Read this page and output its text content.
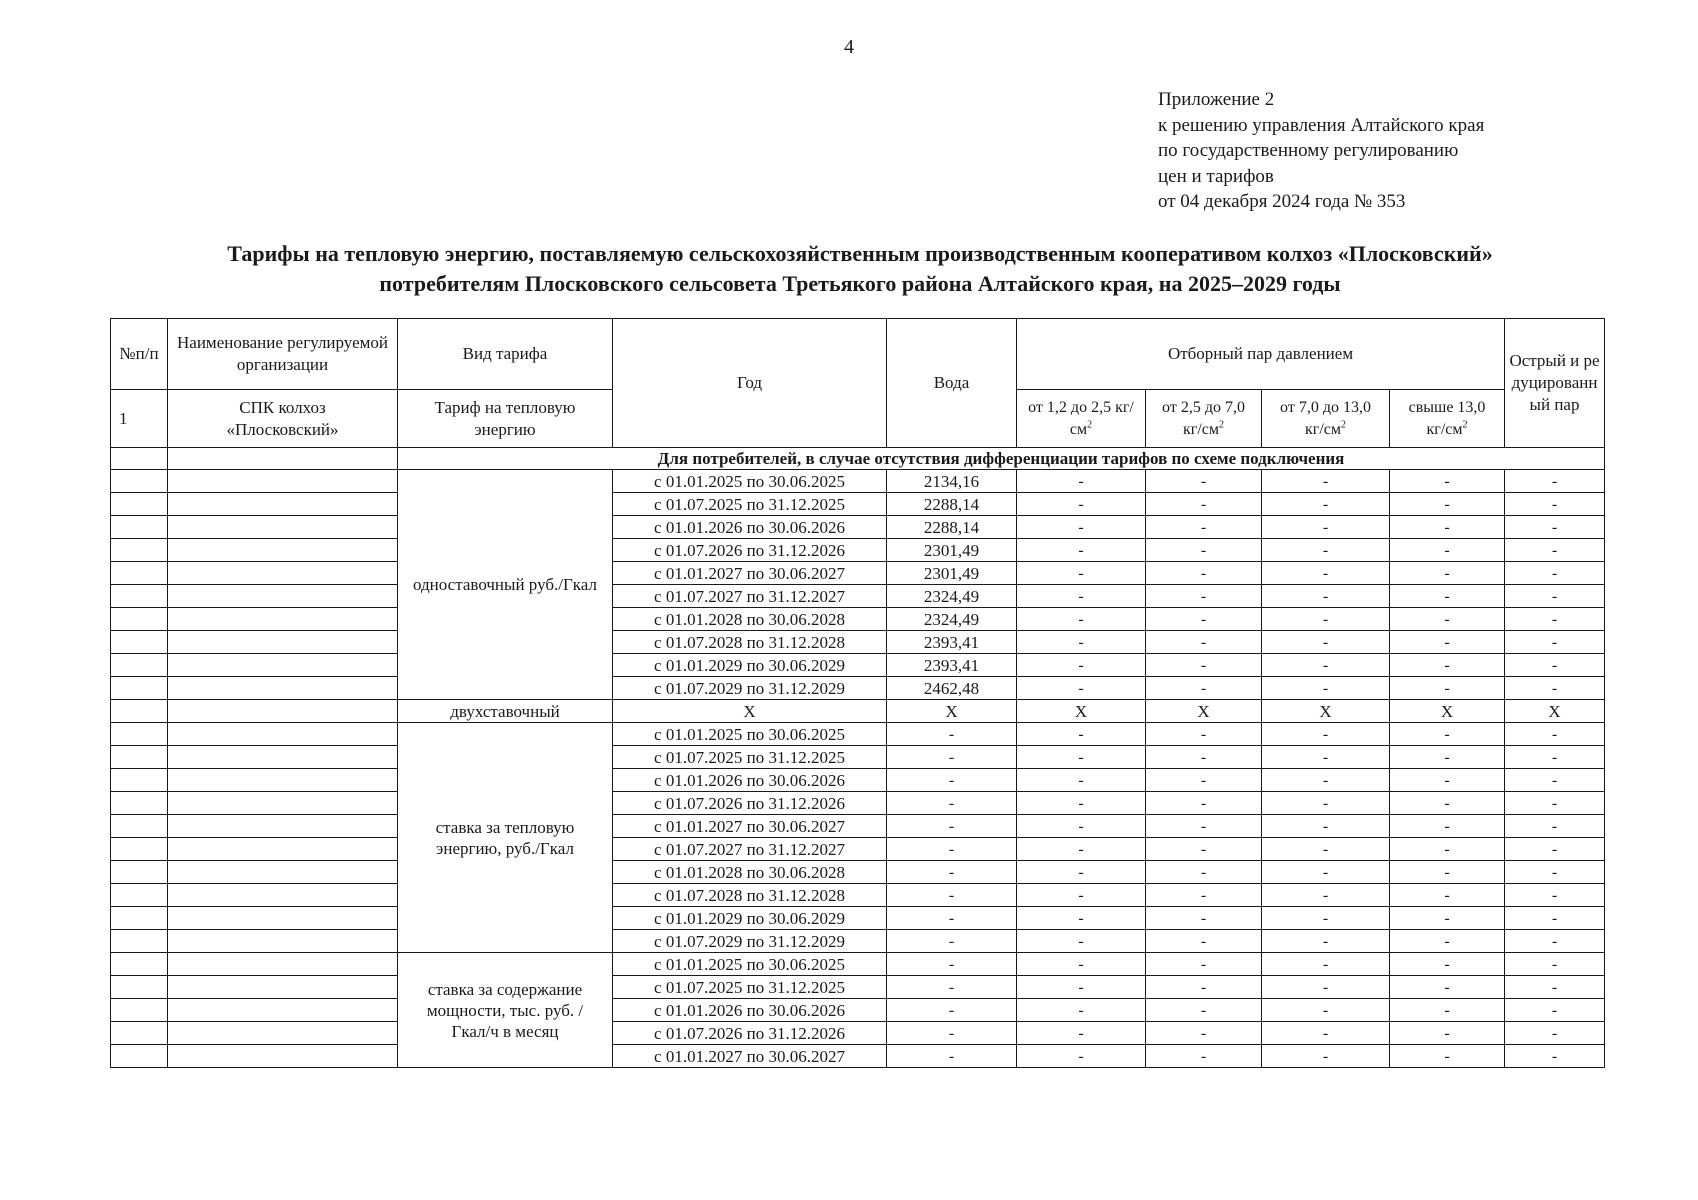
4
Приложение 2
к решению управления Алтайского края
по государственному регулированию
цен и тарифов
от 04 декабря 2024 года № 353
Тарифы на тепловую энергию, поставляемую сельскохозяйственным производственным кооперативом колхоз «Плосковский»
потребителям Плосковского сельсовета Третьякого района Алтайского края, на 2025–2029 годы
№п/п	Наименование регулируемой организации	Вид тарифа	Год	Вода	Отборный пар давлением				Острый и редуцированный пар
1	СПК колхоз «Плосковский»	Тариф на тепловую энергию			от 1,2 до 2,5 $кг/см^2$	от 2,5 до 7,0 $кг/см^2$	от 7,0 до 13,0 $кг/см^2$	свыше 13,0 $кг/см^2$
		Для потребителей, в случае отсутствия дифференциации тарифов по схеме подключения							
		одноставочный руб./Гкал	с 01.01.2025 по 30.06.2025	2134,16	-	-	-	-	-
			с 01.07.2025 по 31.12.2025	2288,14	-	-	-	-	-
			с 01.01.2026 по 30.06.2026	2288,14	-	-	-	-	-
			с 01.07.2026 по 31.12.2026	2301,49	-	-	-	-	-
			с 01.01.2027 по 30.06.2027	2301,49	-	-	-	-	-
			с 01.07.2027 по 31.12.2027	2324,49	-	-	-	-	-
			с 01.01.2028 по 30.06.2028	2324,49	-	-	-	-	-
			с 01.07.2028 по 31.12.2028	2393,41	-	-	-	-	-
			с 01.01.2029 по 30.06.2029	2393,41	-	-	-	-	-
			с 01.07.2029 по 31.12.2029	2462,48	-	-	-	-	-
		двухставочный	X	X	X	X	X	X	X
		ставка за тепловую энергию, руб./Гкал	с 01.01.2025 по 30.06.2025	-	-	-	-	-	-
			с 01.07.2025 по 31.12.2025	-	-	-	-	-	-
			с 01.01.2026 по 30.06.2026	-	-	-	-	-	-
			с 01.07.2026 по 31.12.2026	-	-	-	-	-	-
			с 01.01.2027 по 30.06.2027	-	-	-	-	-	-
			с 01.07.2027 по 31.12.2027	-	-	-	-	-	-
			с 01.01.2028 по 30.06.2028	-	-	-	-	-	-
			с 01.07.2028 по 31.12.2028	-	-	-	-	-	-
			с 01.01.2029 по 30.06.2029	-	-	-	-	-	-
			с 01.07.2029 по 31.12.2029	-	-	-	-	-	-
		ставка за содержание мощности, тыс. руб. /Гкал/ч в месяц	с 01.01.2025 по 30.06.2025	-	-	-	-	-	-
			с 01.07.2025 по 31.12.2025	-	-	-	-	-	-
			с 01.01.2026 по 30.06.2026	-	-	-	-	-	-
			с 01.07.2026 по 31.12.2026	-	-	-	-	-	-
			с 01.01.2027 по 30.06.2027	-	-	-	-	-	-
